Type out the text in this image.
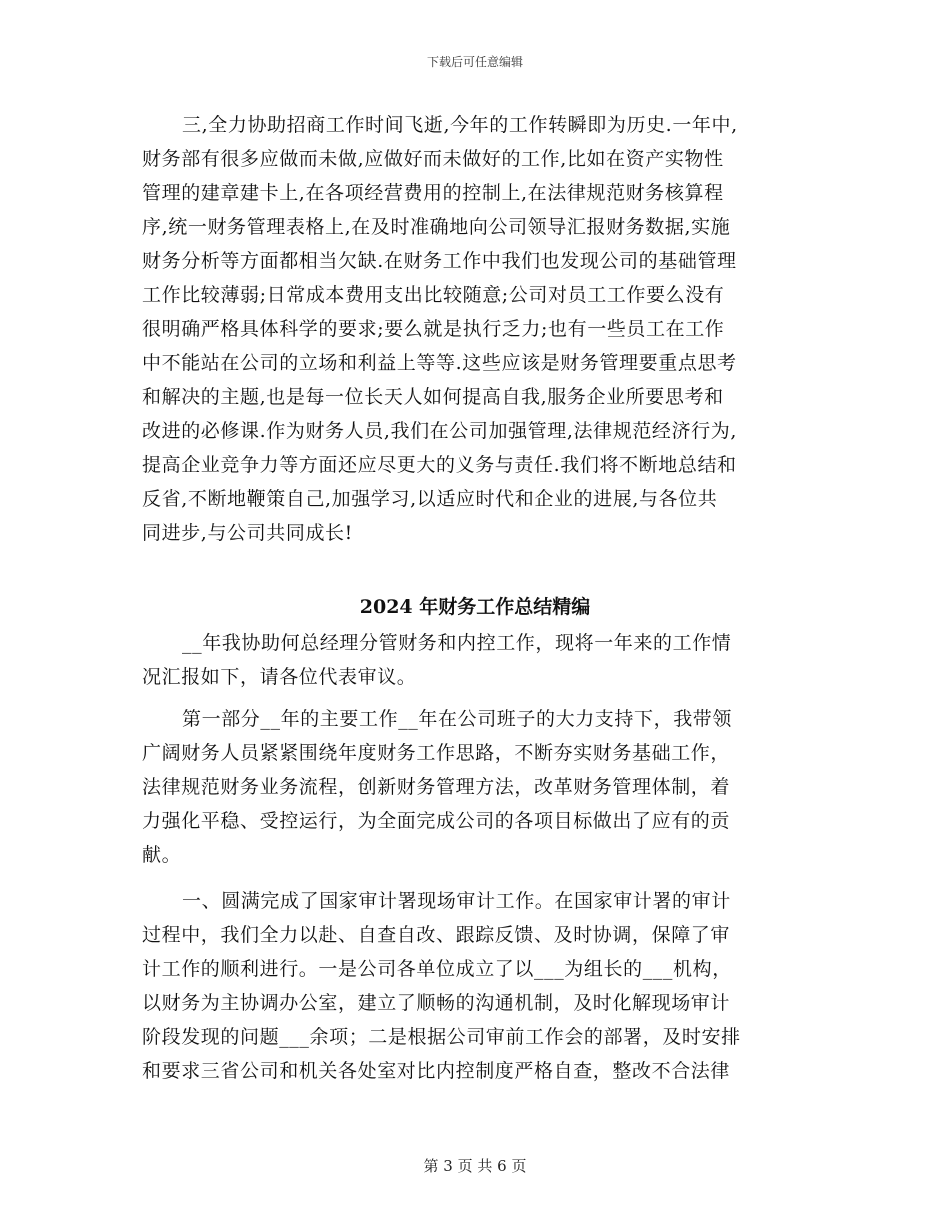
下载后可任意编辑
三,全力协助招商工作时间飞逝,今年的工作转瞬即为历史.一年中,
财务部有很多应做而未做,应做好而未做好的工作,比如在资产实物性
管理的建章建卡上,在各项经营费用的控制上,在法律规范财务核算程
序,统一财务管理表格上,在及时准确地向公司领导汇报财务数据,实施
财务分析等方面都相当欠缺.在财务工作中我们也发现公司的基础管理
工作比较薄弱;日常成本费用支出比较随意;公司对员工工作要么没有
很明确严格具体科学的要求;要么就是执行乏力;也有一些员工在工作
中不能站在公司的立场和利益上等等.这些应该是财务管理要重点思考
和解决的主题,也是每一位长天人如何提高自我,服务企业所要思考和
改进的必修课.作为财务人员,我们在公司加强管理,法律规范经济行为,
提高企业竞争力等方面还应尽更大的义务与责任.我们将不断地总结和
反省,不断地鞭策自己,加强学习,以适应时代和企业的进展,与各位共
同进步,与公司共同成长!
2024 年财务工作总结精编
__年我协助何总经理分管财务和内控工作，现将一年来的工作情
况汇报如下，请各位代表审议。
第一部分__年的主要工作__年在公司班子的大力支持下，我带领
广阔财务人员紧紧围绕年度财务工作思路，不断夯实财务基础工作，
法律规范财务业务流程，创新财务管理方法，改革财务管理体制，着
力强化平稳、受控运行，为全面完成公司的各项目标做出了应有的贡
献。
一、圆满完成了国家审计署现场审计工作。在国家审计署的审计
过程中，我们全力以赴、自查自改、跟踪反馈、及时协调，保障了审
计工作的顺利进行。一是公司各单位成立了以___为组长的___机构，
以财务为主协调办公室，建立了顺畅的沟通机制，及时化解现场审计
阶段发现的问题___余项；二是根据公司审前工作会的部署，及时安排
和要求三省公司和机关各处室对比内控制度严格自查，整改不合法律
第 3 页 共 6 页
